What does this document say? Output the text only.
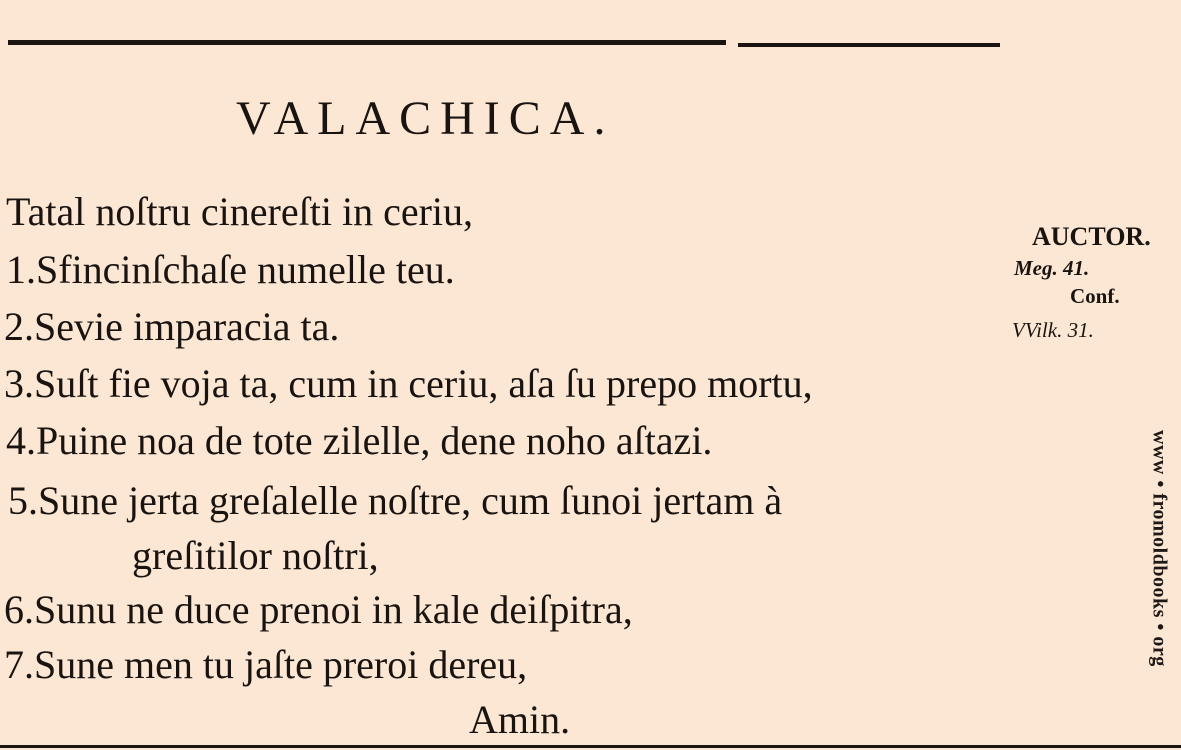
VALACHICA.
Tatal noſtru cinereſti in ceriu,
1.Sfincinſchaſe numelle teu.
2.Sevie imparacia ta.
3.Suſt fie voja ta, cum in ceriu, aſa ſu prepo mortu,
4.Puine noa de tote zilelle, dene noho aſtazi.
5.Sune jerta greſalelle noſtre, cum ſunoi jertam à
greſitilor noſtri,
6.Sunu ne duce prenoi in kale deiſpitra,
7.Sune men tu jaſte preroi dereu,
Amin.
AUCTOR.
Meg. 41.
Conf.
VVilk. 31.
www • fromoldbooks • org
